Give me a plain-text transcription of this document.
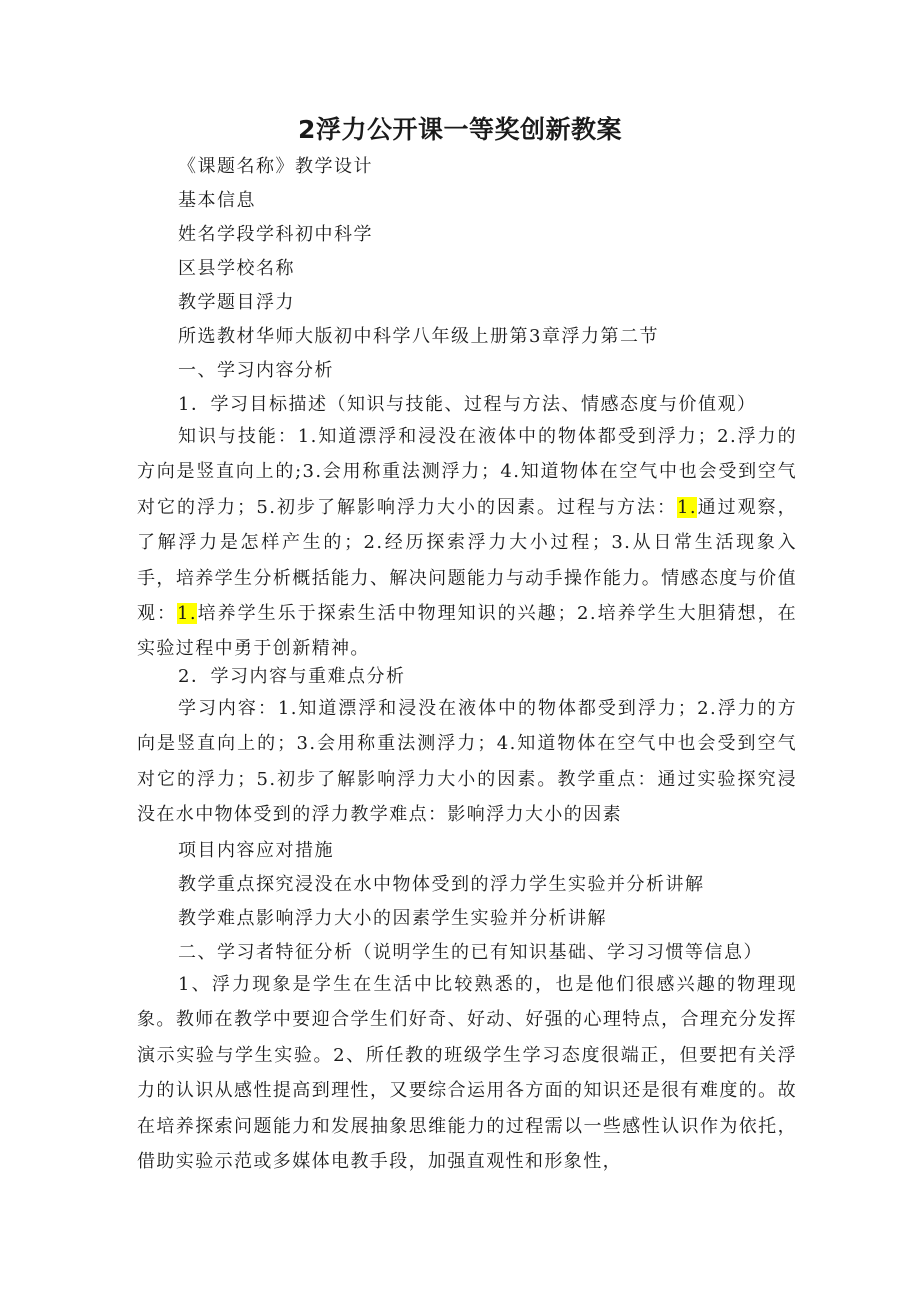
2浮力公开课一等奖创新教案
《课题名称》教学设计
基本信息
姓名学段学科初中科学
区县学校名称
教学题目浮力
所选教材华师大版初中科学八年级上册第3章浮力第二节
一、学习内容分析
1．学习目标描述（知识与技能、过程与方法、情感态度与价值观）

知识与技能：1.知道漂浮和浸没在液体中的物体都受到浮力；2.浮力的方向是竖直向上的;3.会用称重法测浮力；4.知道物体在空气中也会受到空气对它的浮力；5.初步了解影响浮力大小的因素。过程与方法：1.通过观察，了解浮力是怎样产生的；2.经历探索浮力大小过程；3.从日常生活现象入手，培养学生分析概括能力、解决问题能力与动手操作能力。情感态度与价值观：1.培养学生乐于探索生活中物理知识的兴趣；2.培养学生大胆猜想，在实验过程中勇于创新精神。

2．学习内容与重难点分析

学习内容：1.知道漂浮和浸没在液体中的物体都受到浮力；2.浮力的方向是竖直向上的；3.会用称重法测浮力；4.知道物体在空气中也会受到空气对它的浮力；5.初步了解影响浮力大小的因素。教学重点：通过实验探究浸没在水中物体受到的浮力教学难点：影响浮力大小的因素

项目内容应对措施
教学重点探究浸没在水中物体受到的浮力学生实验并分析讲解
教学难点影响浮力大小的因素学生实验并分析讲解
二、学习者特征分析（说明学生的已有知识基础、学习习惯等信息）

1、浮力现象是学生在生活中比较熟悉的，也是他们很感兴趣的物理现象。教师在教学中要迎合学生们好奇、好动、好强的心理特点，合理充分发挥演示实验与学生实验。2、所任教的班级学生学习态度很端正，但要把有关浮力的认识从感性提高到理性，又要综合运用各方面的知识还是很有难度的。故在培养探索问题能力和发展抽象思维能力的过程需以一些感性认识作为依托，借助实验示范或多媒体电教手段，加强直观性和形象性，
